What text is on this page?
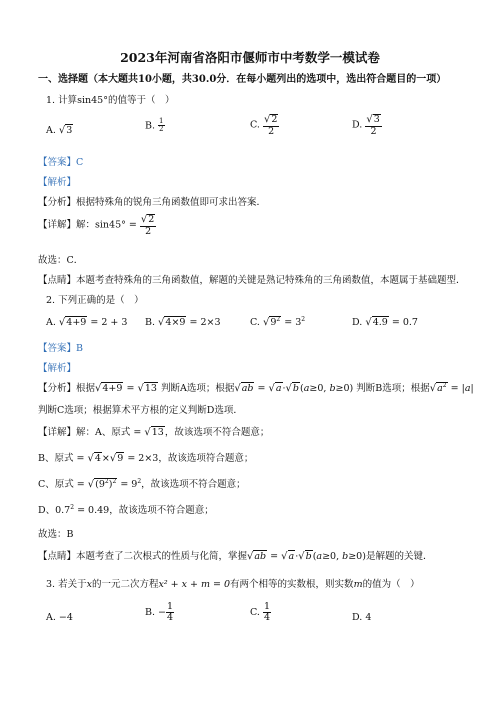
2023年河南省洛阳市偃师市中考数学一模试卷
一、选择题（本大题共10小题，共30.0分．在每小题列出的选项中，选出符合题目的一项）
1. 计算sin45°的值等于（　）
A. √3	B. $\frac{1}{2}$	C. $\frac{√2}{2}$	D. $\frac{√3}{2}$
【答案】C
【解析】
【分析】根据特殊角的锐角三角函数值即可求出答案．
【详解】解：$\sin 45^\circ = \frac{√2}{2}$
故选：C．
【点睛】本题考查特殊角的三角函数值，解题的关键是熟记特殊角的三角函数值，本题属于基础题型．
2. 下列正确的是（　）
A. √4+9 = 2 + 3 B. √4×9 = 2×3	C. $√9^2 = 3^2$	D. √4.9 = 0.7
【答案】B
【解析】
【分析】根据√4+9 = √13 判断A选项；根据√ab = √a·√b(a≥0, b≥0) 判断B选项；根据$√a^2 = |a|$
判断C选项；根据算术平方根的定义判断D选项．
【详解】解：A、原式 = √13，故该选项不符合题意；
B、原式 = √4×√9 = 2×3，故该选项符合题意；
C、原式 = $√(9^2)^2 = 9^2$，故该选项不符合题意；
D、$0.7^2 = 0.49$，故该选项不符合题意；
故选：B
【点睛】本题考查了二次根式的性质与化简，掌握√ab = √a·√b(a≥0, b≥0)是解题的关键．
3. 若关于x的一元二次方程x² + x + m = 0有两个相等的实数根，则实数m的值为（　）
A. −4	B. − $\frac{1}{4}$	C. $\frac{1}{4}$	D. 4
